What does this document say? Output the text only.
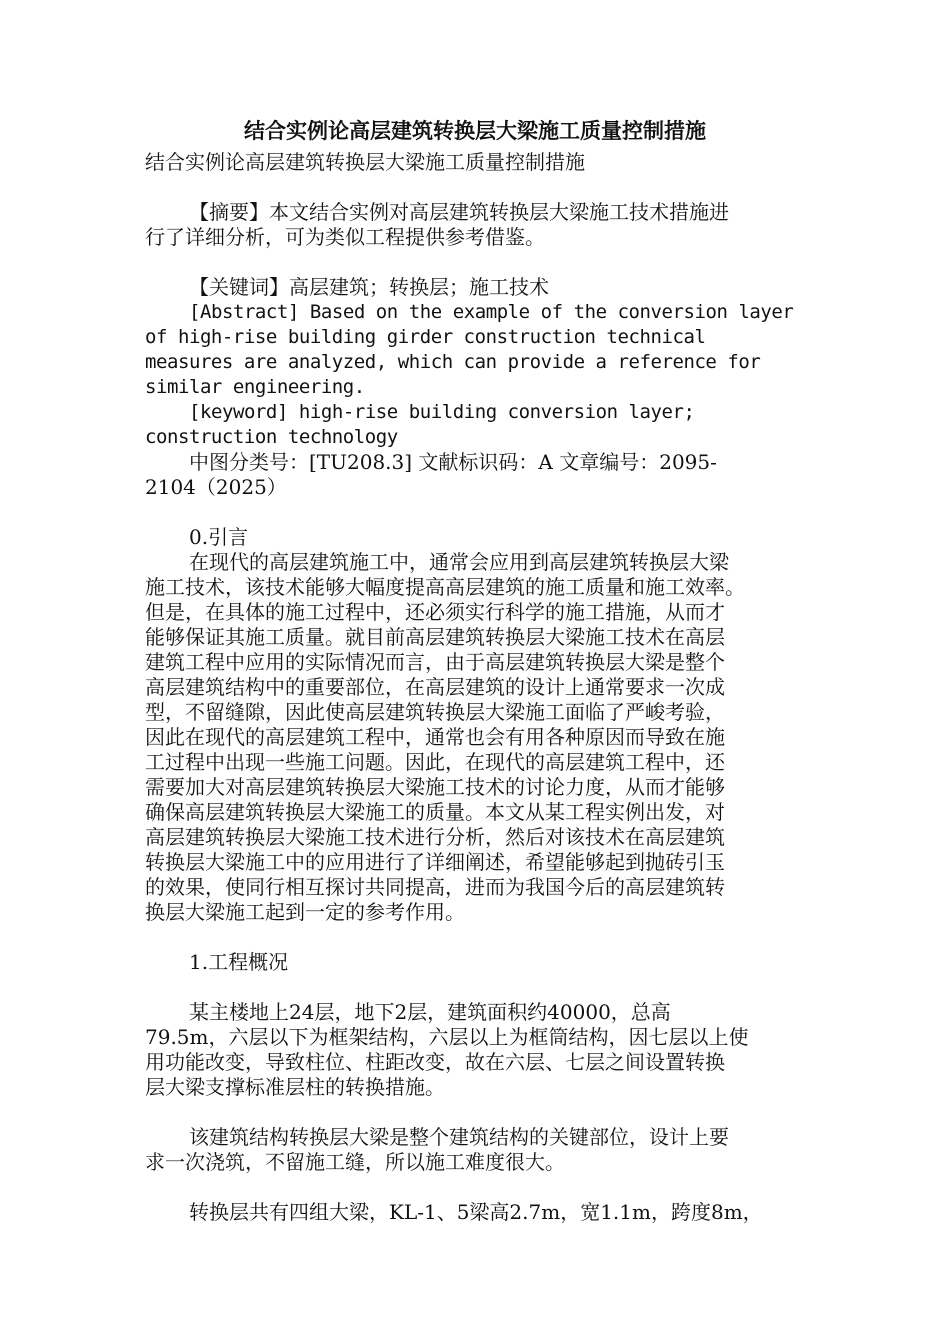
结合实例论高层建筑转换层大梁施工质量控制措施
结合实例论高层建筑转换层大梁施工质量控制措施
【摘要】本文结合实例对高层建筑转换层大梁施工技术措施进
行了详细分析，可为类似工程提供参考借鉴。
【关键词】高层建筑；转换层；施工技术
[Abstract] Based on the example of the conversion layer
of high-rise building girder construction technical
measures are analyzed, which can provide a reference for
similar engineering.
[keyword] high-rise building conversion layer;
construction technology
中图分类号：[TU208.3] 文献标识码：A 文章编号：2095-
2104（2025）
0.引言
在现代的高层建筑施工中，通常会应用到高层建筑转换层大梁
施工技术，该技术能够大幅度提高高层建筑的施工质量和施工效率。
但是，在具体的施工过程中，还必须实行科学的施工措施，从而才
能够保证其施工质量。就目前高层建筑转换层大梁施工技术在高层
建筑工程中应用的实际情况而言，由于高层建筑转换层大梁是整个
高层建筑结构中的重要部位，在高层建筑的设计上通常要求一次成
型，不留缝隙，因此使高层建筑转换层大梁施工面临了严峻考验，
因此在现代的高层建筑工程中，通常也会有用各种原因而导致在施
工过程中出现一些施工问题。因此，在现代的高层建筑工程中，还
需要加大对高层建筑转换层大梁施工技术的讨论力度，从而才能够
确保高层建筑转换层大梁施工的质量。本文从某工程实例出发，对
高层建筑转换层大梁施工技术进行分析，然后对该技术在高层建筑
转换层大梁施工中的应用进行了详细阐述，希望能够起到抛砖引玉
的效果，使同行相互探讨共同提高，进而为我国今后的高层建筑转
换层大梁施工起到一定的参考作用。
1.工程概况
某主楼地上24层，地下2层，建筑面积约40000，总高
79.5m，六层以下为框架结构，六层以上为框筒结构，因七层以上使
用功能改变，导致柱位、柱距改变，故在六层、七层之间设置转换
层大梁支撑标准层柱的转换措施。
该建筑结构转换层大梁是整个建筑结构的关键部位，设计上要
求一次浇筑，不留施工缝，所以施工难度很大。
转换层共有四组大梁，KL-1、5梁高2.7m，宽1.1m，跨度8m，
